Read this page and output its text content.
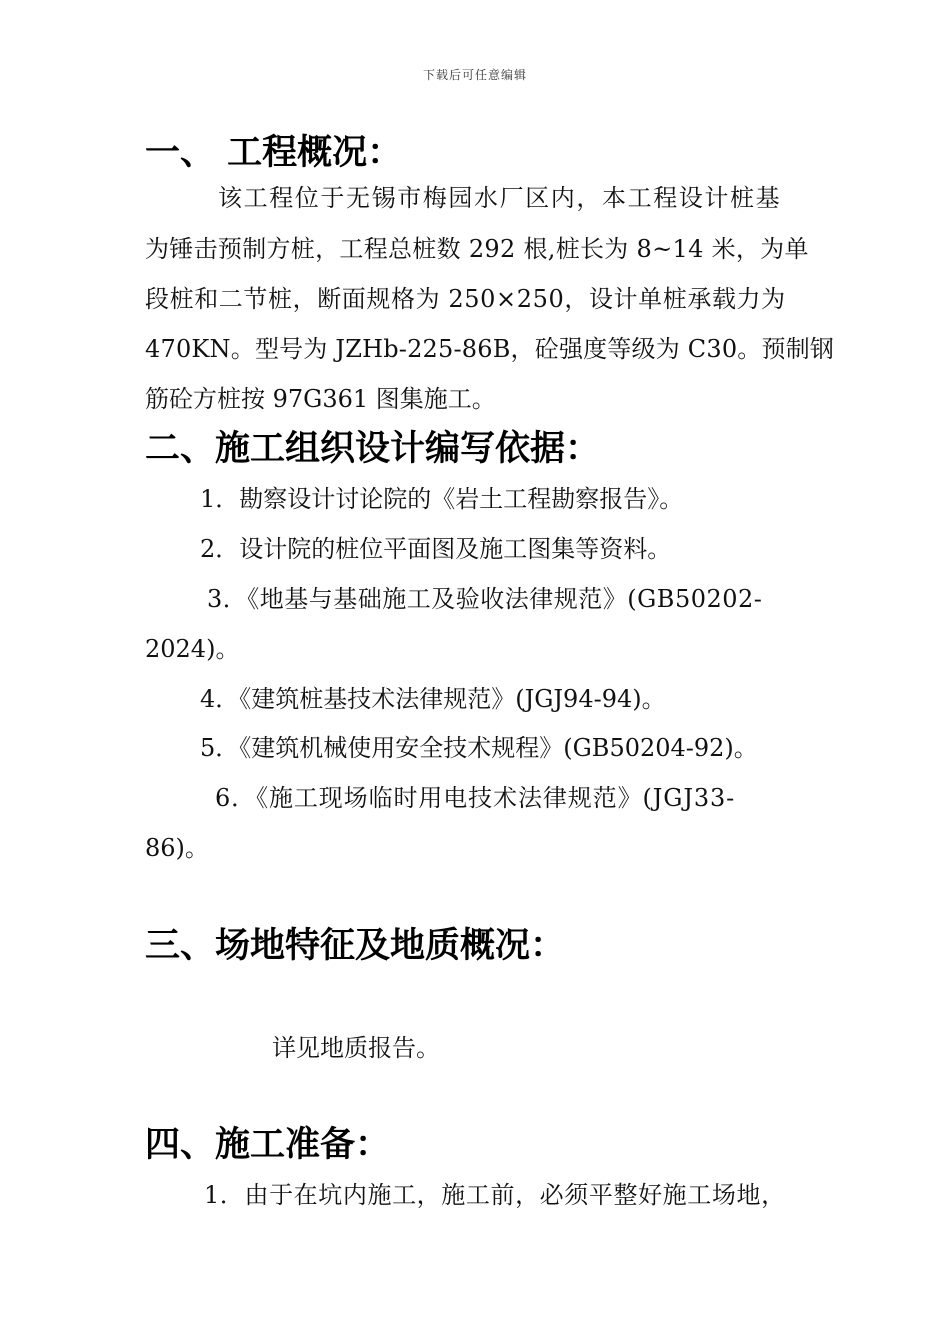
下载后可任意编辑
一、 工程概况：
该工程位于无锡市梅园水厂区内，本工程设计桩基
为锤击预制方桩，工程总桩数 292 根,桩长为 8~14 米，为单
段桩和二节桩，断面规格为 250×250，设计单桩承载力为
470KN。型号为 JZHb-225-86B，砼强度等级为 C30。预制钢
筋砼方桩按 97G361 图集施工。
二、施工组织设计编写依据：
1．勘察设计讨论院的《岩土工程勘察报告》。
2．设计院的桩位平面图及施工图集等资料。
3．《地基与基础施工及验收法律规范》(GB50202-
2024)。
4．《建筑桩基技术法律规范》(JGJ94-94)。
5．《建筑机械使用安全技术规程》(GB50204-92)。
6．《施工现场临时用电技术法律规范》(JGJ33-
86)。
三、场地特征及地质概况：
详见地质报告。
四、施工准备：
1．由于在坑内施工，施工前，必须平整好施工场地，
